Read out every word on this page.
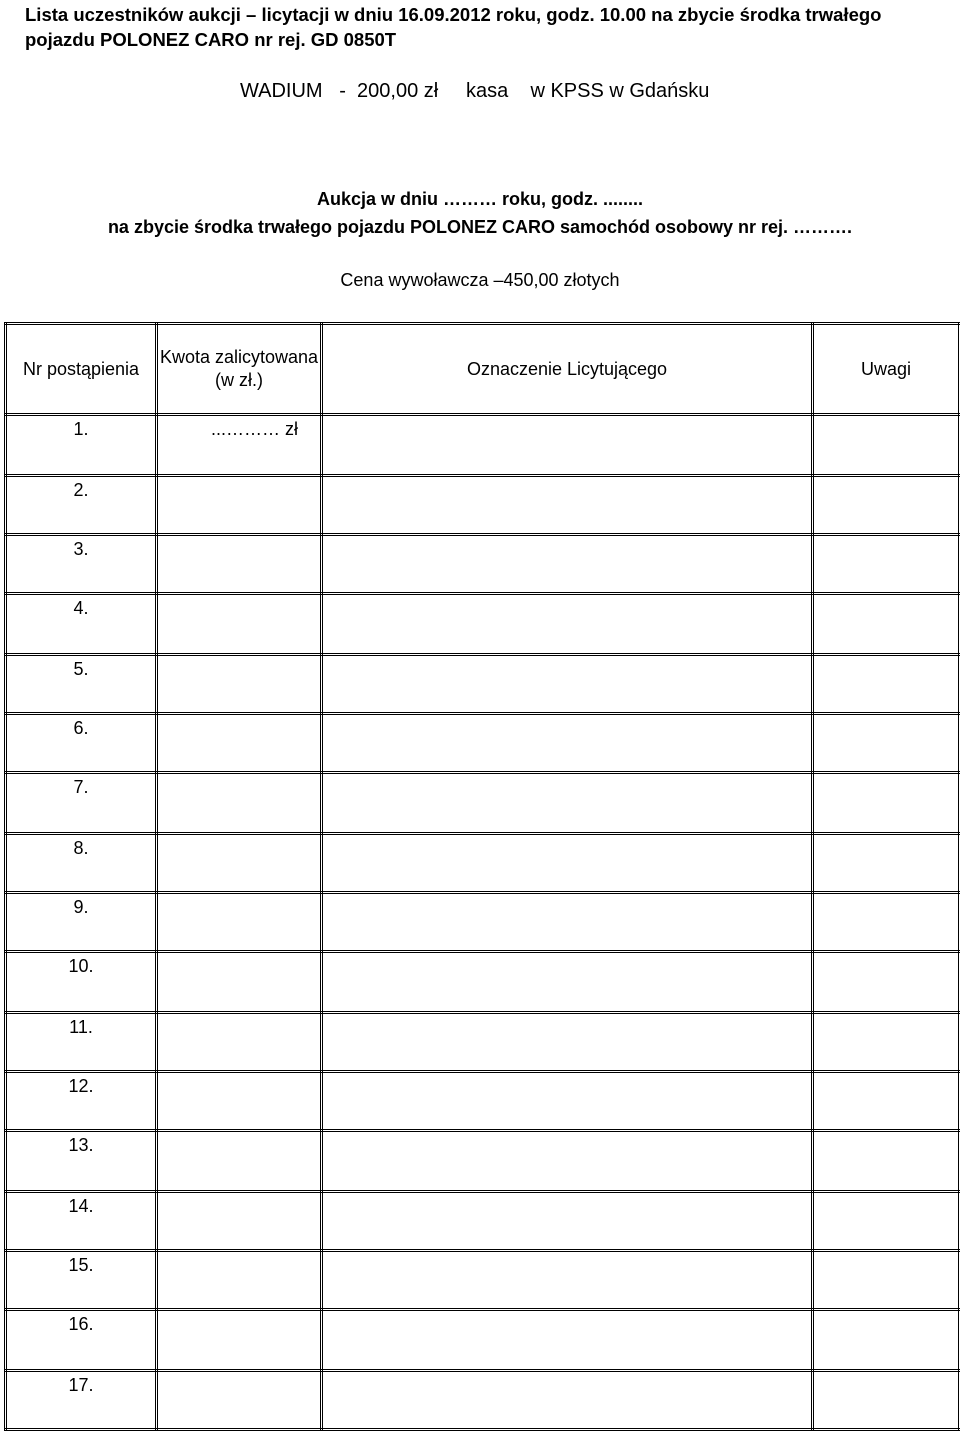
Lista uczestników aukcji – licytacji w dniu 16.09.2012 roku, godz. 10.00 na zbycie środka trwałego pojazdu POLONEZ CARO nr rej. GD 0850T
WADIUM   -  200,00 zł     kasa    w KPSS w Gdańsku
Aukcja w dniu ……… roku, godz. ........
na zbycie środka trwałego pojazdu POLONEZ CARO samochód osobowy nr rej. ……….
Cena wywoławcza –450,00 złotych
Nr postąpienia	Kwota zalicytowana (w zł.)	Oznaczenie Licytującego	Uwagi
1.	...……… zł		
2.			
3.			
4.			
5.			
6.			
7.			
8.			
9.			
10.			
11.			
12.			
13.			
14.			
15.			
16.			
17.			
